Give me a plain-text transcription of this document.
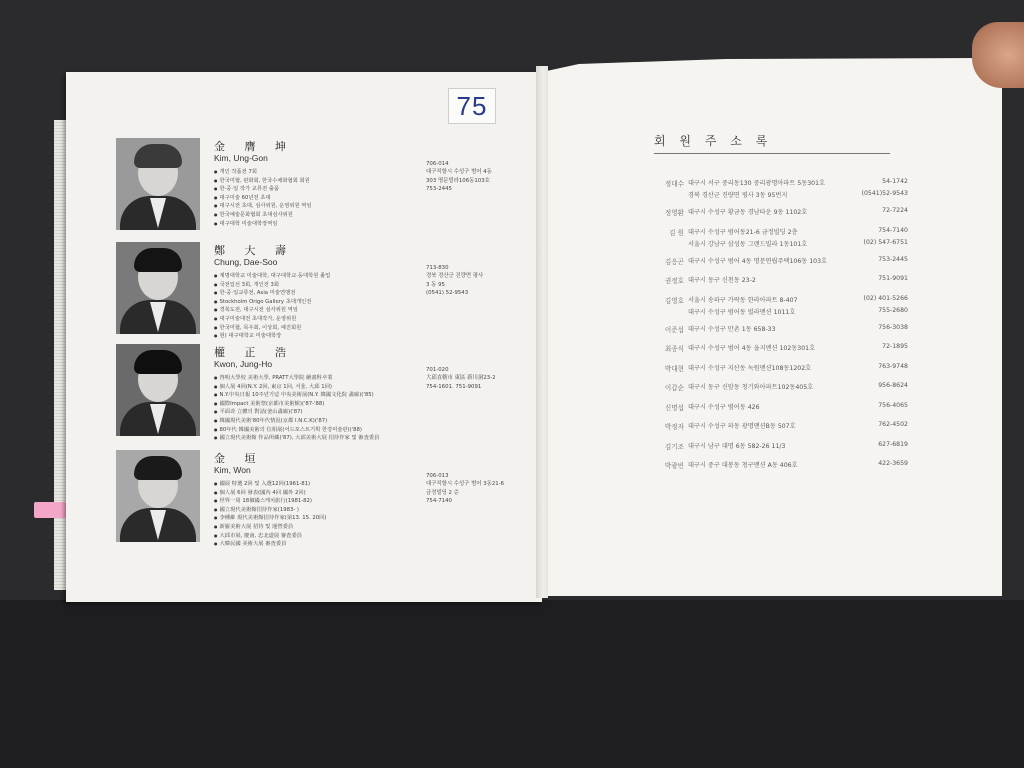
75
金 膺 坤
Kim, Ung-Gon
● 개인 작품전 7회
● 한국미협, 판화회, 한국수채화협회 회원
● 한·중·일 작가 교류전 출품
● 대구미술 60년전 초대
● 대구시전 초대, 심사위원, 운영위원 역임
● 한국예술문화협회 초대심사위원
● 대구대학 미술대학장역임
706-014
대구직할시 수성구 범어 4동
303 명문빌라106동103호
753-2445
鄭 大 壽
Chung, Dae-Soo
● 계명대학교 미술대학, 대구대학교·동대학원 졸업
● 국전입선 3회, 개인전 3회
● 한·중·일교류전, Asia 미술연맹전
● Stockholm Origo Gallery 초대개인전
● 경북도전, 대구시전 심사위원 역임
● 대구미술대전 초대작가, 운영위원
● 한국미협, 목우회, 이상회, 예진회원
● 현) 대구대학교 미술대학장
713-830
경북 경산군 진량면 평사
3 동 95
(0541) 52-9543
權 正 浩
Kwon, Jung-Ho
● 啓明大學校 美術大學, PRATT大學院 繪畫科卒業
● 個人展 4回(N.Y. 2回, 東京 1回, 서울, 大邱 1回)
● N.Y.中央日報 10주년기념 中央美術展(N.Y. 韓國文化院 畵廊)('85)
● 國際Impact 美術祭(京都市美術館)('87-'88)
● 平面과 立體의 對話(釜山畵廊)('87)
● 韓國現代美術'80年代情況(京都 I.N.C.K)('87)
● 80年代 韓國美術의 位相展(어드포스트기획 한강미술관)('88)
● 國立現代美術館 作品所藏('87), 大邱美術大展 招待作家 및 審査委員
701-020
大邱直轄市 東區 新川洞23-2
754-1601. 751-9091
金 垣
Kim, Won
● 國展 特選 2回 및 入選12回(1961-81)
● 個人展 6回 發表(國內 4回 國外 2回)
● 世界一周 18個國스케치旅行(1981-82)
● 國立現代美術館招待作家(1983- )
● 李種維 現代美術館招待作家(第13. 15. 20回)
● 新羅美術大展 招待 및 運營委員
● 大邱市展, 慶南, 忠北道展 審査委員
● 大韓民國 美術大展 審査委員
706-013
대구직할시 수성구 범어 3동21-6
금정빌딩 2 층
754-7140
회 원 주 소 록
정대수 대구시 서구 중리동130 중리광명아파트 5동301호	54-1742
경북 경산군 진량면 평사 3동 95번지	(0541)52-9543
정영환 대구시 수성구 황금동 경남타운 9동 1102호	72-7224
김 원 대구시 수성구 범어동21-6 금정빌딩 2층	754-7140
서울시 강남구 삼성동 그랜드빌라 1동101호	(02) 547-6751
김응곤 대구시 수성구 범어 4동 명문연립주택106동 103호	753-2445
권정호 대구시 동구 신천동 23-2	751-9091
김영호 서울시 송파구 가락동 한라아파트 8-407	(02) 401-5266
대구시 수성구 범어동 빌라맨션 1011호	755-2680
이준섭 대구시 수성구 만촌 1동 658-33	756-3038
최종식 대구시 수성구 범어 4동 을지맨션 102동301호	72-1895
박대현 대구시 수성구 지산동 녹원맨션108동1202호	763-9748
이갑순 대구시 동구 신암동 청기와아파트102동405호	956-8624
신명섭 대구시 수성구 범어동 426	756-4065
박정자 대구시 수성구 파동 광명맨션B동 507호	762-4502
김기조 대구시 남구 대명 6동 582-26 11/3	627-6819
박광빈 대구시 중구 대봉동 청구맨션 A동 406호	422-3659
